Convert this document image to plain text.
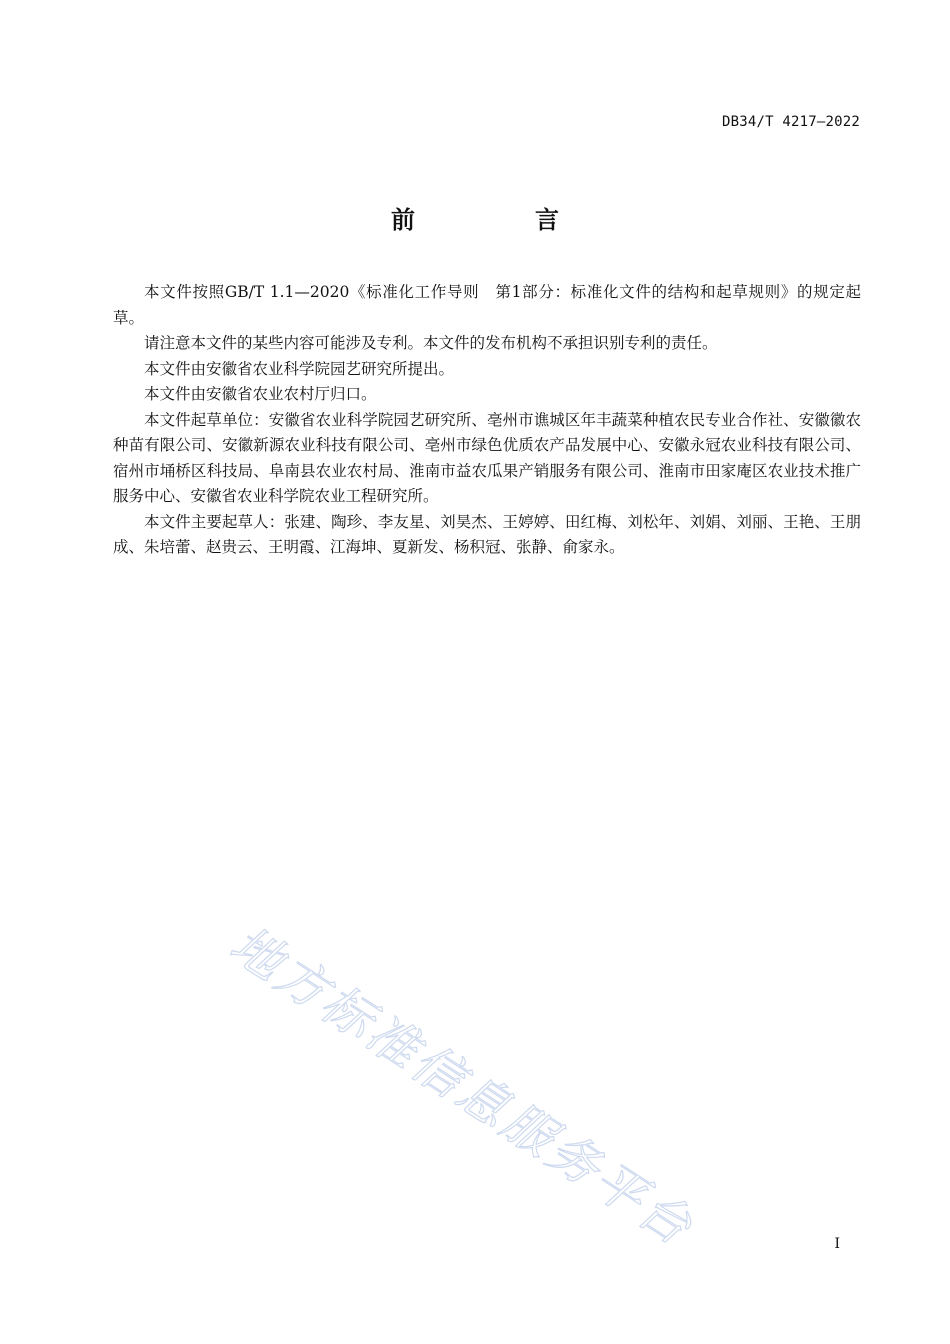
DB34/T 4217—2022
前　言

本文件按照GB/T 1.1—2020《标准化工作导则　第1部分：标准化文件的结构和起草规则》的规定起草。

请注意本文件的某些内容可能涉及专利。本文件的发布机构不承担识别专利的责任。

本文件由安徽省农业科学院园艺研究所提出。

本文件由安徽省农业农村厅归口。

本文件起草单位：安徽省农业科学院园艺研究所、亳州市谯城区年丰蔬菜种植农民专业合作社、安徽徽农种苗有限公司、安徽新源农业科技有限公司、亳州市绿色优质农产品发展中心、安徽永冠农业科技有限公司、宿州市埇桥区科技局、阜南县农业农村局、淮南市益农瓜果产销服务有限公司、淮南市田家庵区农业技术推广服务中心、安徽省农业科学院农业工程研究所。

本文件主要起草人：张建、陶珍、李友星、刘昊杰、王婷婷、田红梅、刘松年、刘娟、刘丽、王艳、王朋成、朱培蕾、赵贵云、王明霞、江海坤、夏新发、杨积冠、张静、俞家永。

地方标准信息服务平台	I
